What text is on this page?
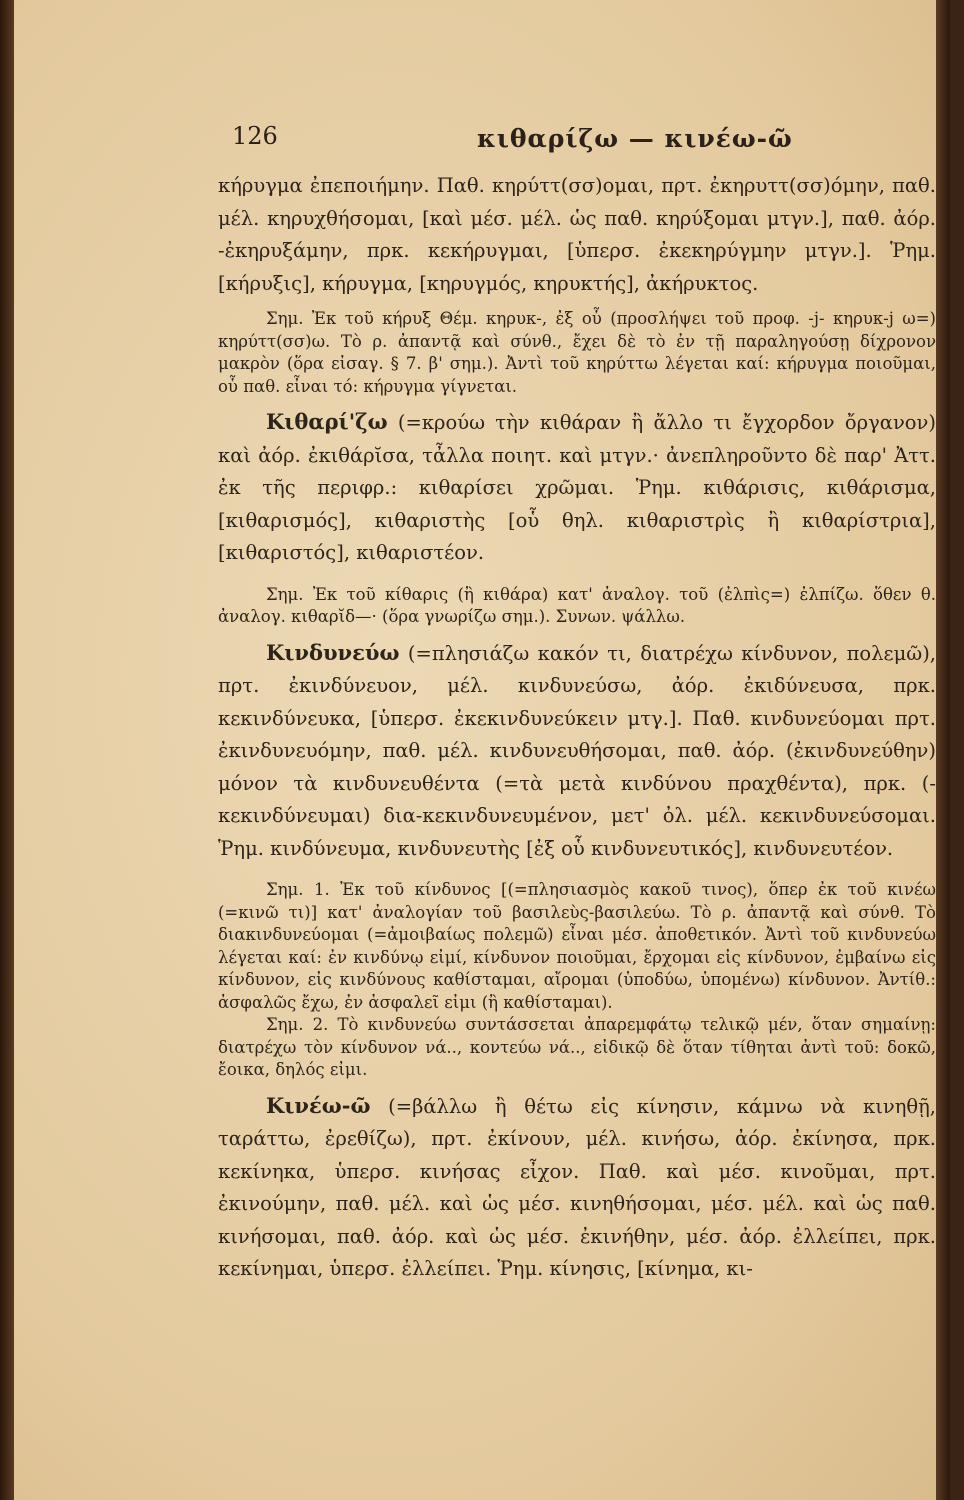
126	κιθαρίζω — κινέω-ῶ

κήρυγμα ἐπεποιήμην. Παθ. κηρύττ(σσ)ομαι, πρτ. ἐκηρυττ(σσ)όμην, παθ. μέλ. κηρυχθήσομαι, [καὶ μέσ. μέλ. ὡς παθ. κηρύξομαι μτγν.], παθ. ἀόρ. -ἐκηρυξάμην, πρκ. κεκήρυγμαι, [ὑπερσ. ἐκεκηρύγμην μτγν.]. Ῥημ. [κήρυξις], κήρυγμα, [κηρυγμός, κηρυκτής], ἀκήρυκτος.

Σημ. Ἐκ τοῦ κήρυξ Θέμ. κηρυκ-, ἐξ οὗ (προσλήψει τοῦ προφ. -j- κηρυκ-j ω=) κηρύττ(σσ)ω. Τὸ ρ. ἀπαντᾷ καὶ σύνθ., ἔχει δὲ τὸ ἐν τῇ παραληγούσῃ δίχρονον μακρὸν (ὅρα εἰσαγ. § 7. β' σημ.). Ἀντὶ τοῦ κηρύττω λέγεται καί: κήρυγμα ποιοῦμαι, οὗ παθ. εἶναι τό: κήρυγμα γίγνεται.

Κιθαρί'ζω (=κρούω τὴν κιθάραν ἢ ἄλλο τι ἔγχορδον ὄργανον) καὶ ἀόρ. ἐκιθάρῐσα, τἆλλα ποιητ. καὶ μτγν.· ἀνεπληροῦντο δὲ παρ' Ἀττ. ἐκ τῆς περιφρ.: κιθαρίσει χρῶμαι. Ῥημ. κιθάρισις, κιθάρισμα, [κιθαρισμός], κιθαριστὴς [οὗ θηλ. κιθαριστρὶς ἢ κιθαρίστρια], [κιθαριστός], κιθαριστέον.

Σημ. Ἐκ τοῦ κίθαρις (ἢ κιθάρα) κατ' ἀναλογ. τοῦ (ἐλπὶς=) ἐλπίζω. ὅθεν θ. ἀναλογ. κιθαρῐδ—· (ὅρα γνωρίζω σημ.). Συνων. ψάλλω.

Κινδυνεύω (=πλησιάζω κακόν τι, διατρέχω κίνδυνον, πολεμῶ), πρτ. ἐκινδύνευον, μέλ. κινδυνεύσω, ἀόρ. ἐκιδύνευσα, πρκ. κεκινδύνευκα, [ὑπερσ. ἐκεκινδυνεύκειν μτγ.]. Παθ. κινδυνεύομαι πρτ. ἐκινδυνευόμην, παθ. μέλ. κινδυνευθήσομαι, παθ. ἀόρ. (ἐκινδυνεύθην) μόνον τὰ κινδυνευθέντα (=τὰ μετὰ κινδύνου πραχθέντα), πρκ. (-κεκινδύνευμαι) δια-κεκινδυνευμένον, μετ' ὀλ. μέλ. κεκινδυνεύσομαι. Ῥημ. κινδύνευμα, κινδυνευτὴς [ἐξ οὗ κινδυνευτικός], κινδυνευτέον.

Σημ. 1. Ἐκ τοῦ κίνδυνος [(=πλησιασμὸς κακοῦ τινος), ὅπερ ἐκ τοῦ κινέω (=κινῶ τι)] κατ' ἀναλογίαν τοῦ βασιλεὺς-βασιλεύω. Τὸ ρ. ἀπαντᾷ καὶ σύνθ. Τὸ διακινδυνεύομαι (=ἀμοιβαίως πολεμῶ) εἶναι μέσ. ἀποθετικόν. Ἀντὶ τοῦ κινδυνεύω λέγεται καί: ἐν κινδύνῳ εἰμί, κίνδυνον ποιοῦμαι, ἔρχομαι εἰς κίνδυνον, ἐμβαίνω εἰς κίνδυνον, εἰς κινδύνους καθίσταμαι, αἴρομαι (ὑποδύω, ὑπομένω) κίνδυνον. Ἀντίθ.: ἀσφαλῶς ἔχω, ἐν ἀσφαλεῖ εἰμι (ἢ καθίσταμαι).

Σημ. 2. Τὸ κινδυνεύω συντάσσεται ἀπαρεμφάτῳ τελικῷ μέν, ὅταν σημαίνῃ: διατρέχω τὸν κίνδυνον νά.., κοντεύω νά.., εἰδικῷ δὲ ὅταν τίθηται ἀντὶ τοῦ: δοκῶ, ἔοικα, δηλός εἰμι.

Κινέω-ῶ (=βάλλω ἢ θέτω εἰς κίνησιν, κάμνω νὰ κινηθῇ, ταράττω, ἐρεθίζω), πρτ. ἐκίνουν, μέλ. κινήσω, ἀόρ. ἐκίνησα, πρκ. κεκίνηκα, ὑπερσ. κινήσας εἶχον. Παθ. καὶ μέσ. κινοῦμαι, πρτ. ἐκινούμην, παθ. μέλ. καὶ ὡς μέσ. κινηθήσομαι, μέσ. μέλ. καὶ ὡς παθ. κινήσομαι, παθ. ἀόρ. καὶ ὡς μέσ. ἐκινήθην, μέσ. ἀόρ. ἐλλείπει, πρκ. κεκίνημαι, ὑπερσ. ἐλλείπει. Ῥημ. κίνησις, [κίνημα, κι-
